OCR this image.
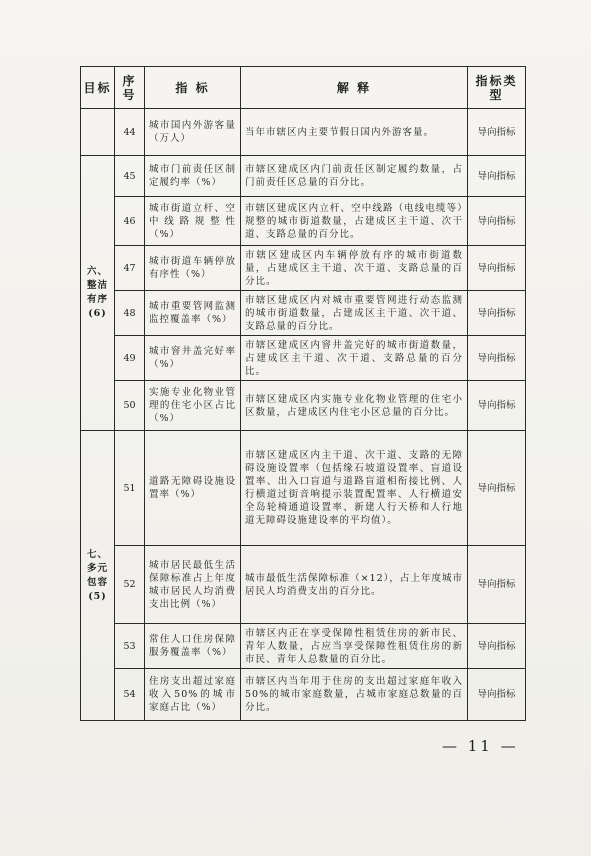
目标	序号	指 标	解 释	指标类型
	44	城市国内外游客量（万人）	当年市辖区内主要节假日国内外游客量。	导向指标
六、整洁有序(6)	45	城市门前责任区制定履约率（%）	市辖区建成区内门前责任区制定履约数量，占门前责任区总量的百分比。	导向指标
	46	城市街道立杆、空中线路规整性（%）	市辖区建成区内立杆、空中线路（电线电缆等）规整的城市街道数量，占建成区主干道、次干道、支路总量的百分比。	导向指标
	47	城市街道车辆停放有序性（%）	市辖区建成区内车辆停放有序的城市街道数量，占建成区主干道、次干道、支路总量的百分比。	导向指标
	48	城市重要管网监测监控覆盖率（%）	市辖区建成区内对城市重要管网进行动态监测的城市街道数量，占建成区主干道、次干道、支路总量的百分比。	导向指标
	49	城市窨井盖完好率（%）	市辖区建成区内窨井盖完好的城市街道数量，占建成区主干道、次干道、支路总量的百分比。	导向指标
	50	实施专业化物业管理的住宅小区占比（%）	市辖区建成区内实施专业化物业管理的住宅小区数量，占建成区内住宅小区总量的百分比。	导向指标
七、多元包容(5)	51	道路无障碍设施设置率（%）	市辖区建成区内主干道、次干道、支路的无障碍设施设置率（包括缘石坡道设置率、盲道设置率、出入口盲道与道路盲道相衔接比例、人行横道过街音响提示装置配置率、人行横道安全岛轮椅通道设置率、新建人行天桥和人行地道无障碍设施建设率的平均值）。	导向指标
	52	城市居民最低生活保障标准占上年度城市居民人均消费支出比例（%）	城市最低生活保障标准（×12），占上年度城市居民人均消费支出的百分比。	导向指标
	53	常住人口住房保障服务覆盖率（%）	市辖区内正在享受保障性租赁住房的新市民、青年人数量，占应当享受保障性租赁住房的新市民、青年人总数量的百分比。	导向指标
	54	住房支出超过家庭收入50%的城市家庭占比（%）	市辖区内当年用于住房的支出超过家庭年收入50%的城市家庭数量，占城市家庭总数量的百分比。	导向指标
— 11 —
